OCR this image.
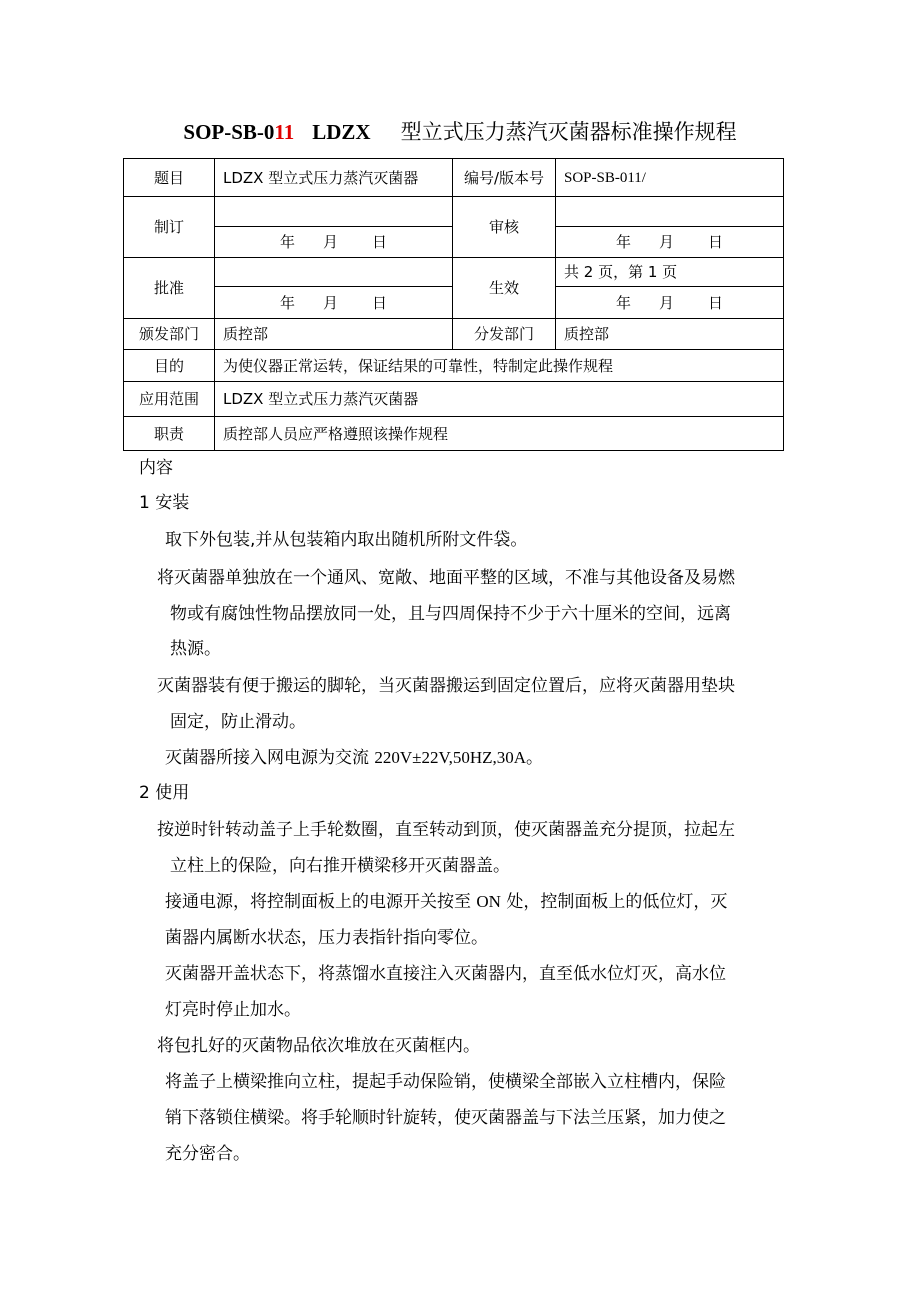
SOP-SB-011 LDZX 型立式压力蒸汽灭菌器标准操作规程
题目	LDZX 型立式压力蒸汽灭菌器	编号/版本号	SOP-SB-011/
制订		审核	
	年 月 日		年 月 日
批准		生效	共 2 页，第 1 页
	年 月 日		年 月 日
颁发部门	质控部	分发部门	质控部
目的	为使仪器正常运转，保证结果的可靠性，特制定此操作规程		
应用范围	LDZX 型立式压力蒸汽灭菌器		
职责	质控部人员应严格遵照该操作规程		
内容
1 安装
取下外包装,并从包装箱内取出随机所附文件袋。
将灭菌器单独放在一个通风、宽敞、地面平整的区域，不准与其他设备及易燃
物或有腐蚀性物品摆放同一处，且与四周保持不少于六十厘米的空间，远离
热源。
灭菌器装有便于搬运的脚轮，当灭菌器搬运到固定位置后，应将灭菌器用垫块
固定，防止滑动。
灭菌器所接入网电源为交流 220V±22V,50HZ,30A。
2 使用
按逆时针转动盖子上手轮数圈，直至转动到顶，使灭菌器盖充分提顶，拉起左
立柱上的保险，向右推开横梁移开灭菌器盖。
接通电源，将控制面板上的电源开关按至 ON 处，控制面板上的低位灯，灭
菌器内属断水状态，压力表指针指向零位。
灭菌器开盖状态下，将蒸馏水直接注入灭菌器内，直至低水位灯灭，高水位
灯亮时停止加水。
将包扎好的灭菌物品依次堆放在灭菌框内。
将盖子上横梁推向立柱，提起手动保险销，使横梁全部嵌入立柱槽内，保险
销下落锁住横梁。将手轮顺时针旋转，使灭菌器盖与下法兰压紧，加力使之
充分密合。
